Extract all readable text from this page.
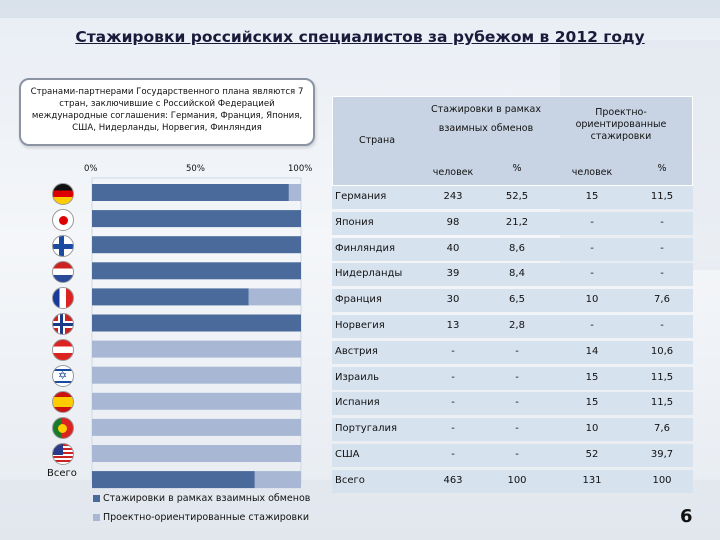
Стажировки российских специалистов за рубежом в 2012 году
Странами-партнерами Государственного плана являются 7 стран, заключившие с Российской Федерацией международные соглашения: Германия, Франция, Япония, США, Нидерланды, Норвегия, Финляндия
0%	50%	100%
✡
Всего
Стажировки в рамках взаимных обменов
Проектно-ориентированные стажировки
Страна
Стажировки в рамках взаимных обменов
Проектно-ориентированные стажировки
человек	%	человек	%
Германия	243	52,5	15	11,5
Япония	98	21,2	-	-
Финляндия	40	8,6	-	-
Нидерланды	39	8,4	-	-
Франция	30	6,5	10	7,6
Норвегия	13	2,8	-	-
Австрия	-	-	14	10,6
Израиль	-	-	15	11,5
Испания	-	-	15	11,5
Португалия	-	-	10	7,6
США	-	-	52	39,7
Всего	463	100	131	100
6
